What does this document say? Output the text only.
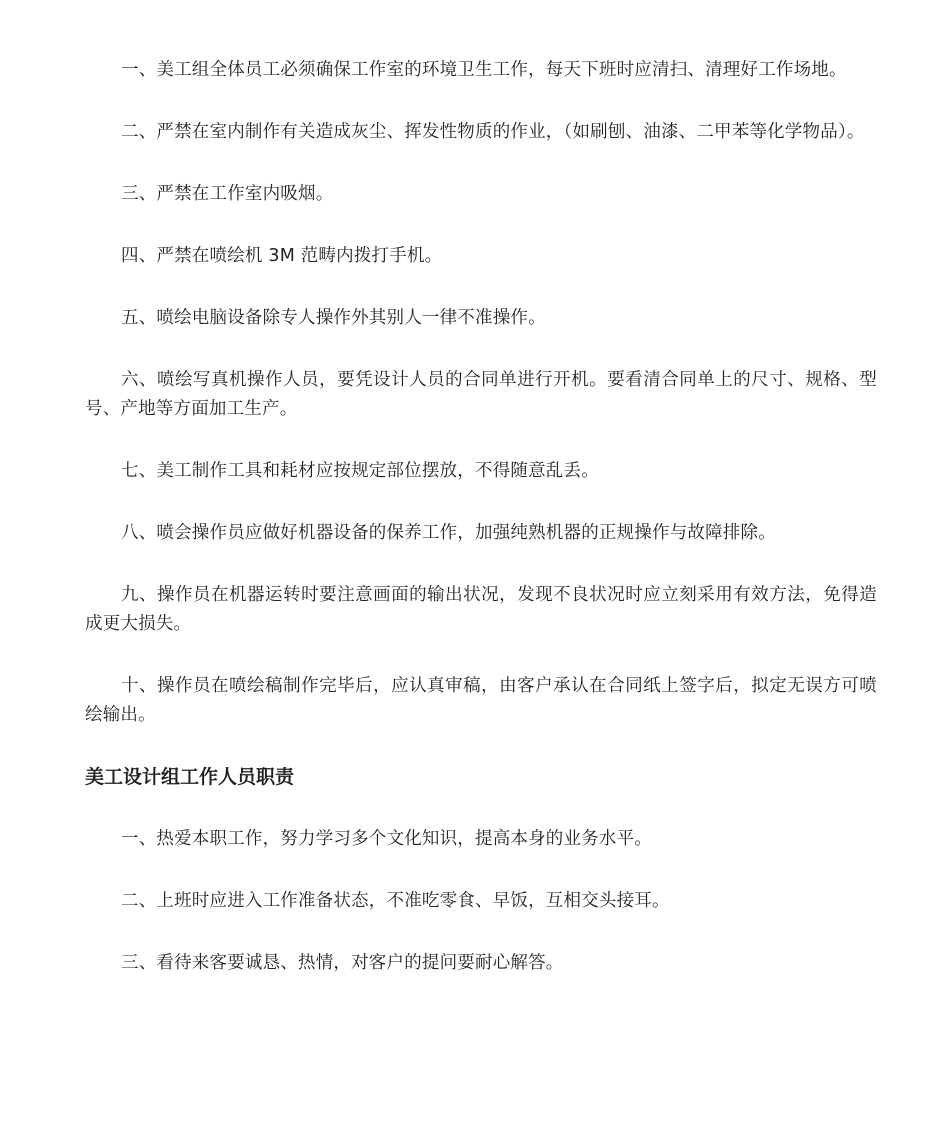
一、美工组全体员工必须确保工作室的环境卫生工作，每天下班时应清扫、清理好工作场地。

二、严禁在室内制作有关造成灰尘、挥发性物质的作业，（如刷刨、油漆、二甲苯等化学物品）。

三、严禁在工作室内吸烟。

四、严禁在喷绘机 3M 范畴内拨打手机。

五、喷绘电脑设备除专人操作外其别人一律不准操作。

六、喷绘写真机操作人员，要凭设计人员的合同单进行开机。要看清合同单上的尺寸、规格、型号、产地等方面加工生产。

七、美工制作工具和耗材应按规定部位摆放，不得随意乱丢。

八、喷会操作员应做好机器设备的保养工作，加强纯熟机器的正规操作与故障排除。

九、操作员在机器运转时要注意画面的输出状况，发现不良状况时应立刻采用有效方法，免得造成更大损失。

十、操作员在喷绘稿制作完毕后，应认真审稿，由客户承认在合同纸上签字后，拟定无误方可喷绘输出。

美工设计组工作人员职责

一、热爱本职工作，努力学习多个文化知识，提高本身的业务水平。

二、上班时应进入工作准备状态，不准吃零食、早饭，互相交头接耳。

三、看待来客要诚恳、热情，对客户的提问要耐心解答。
